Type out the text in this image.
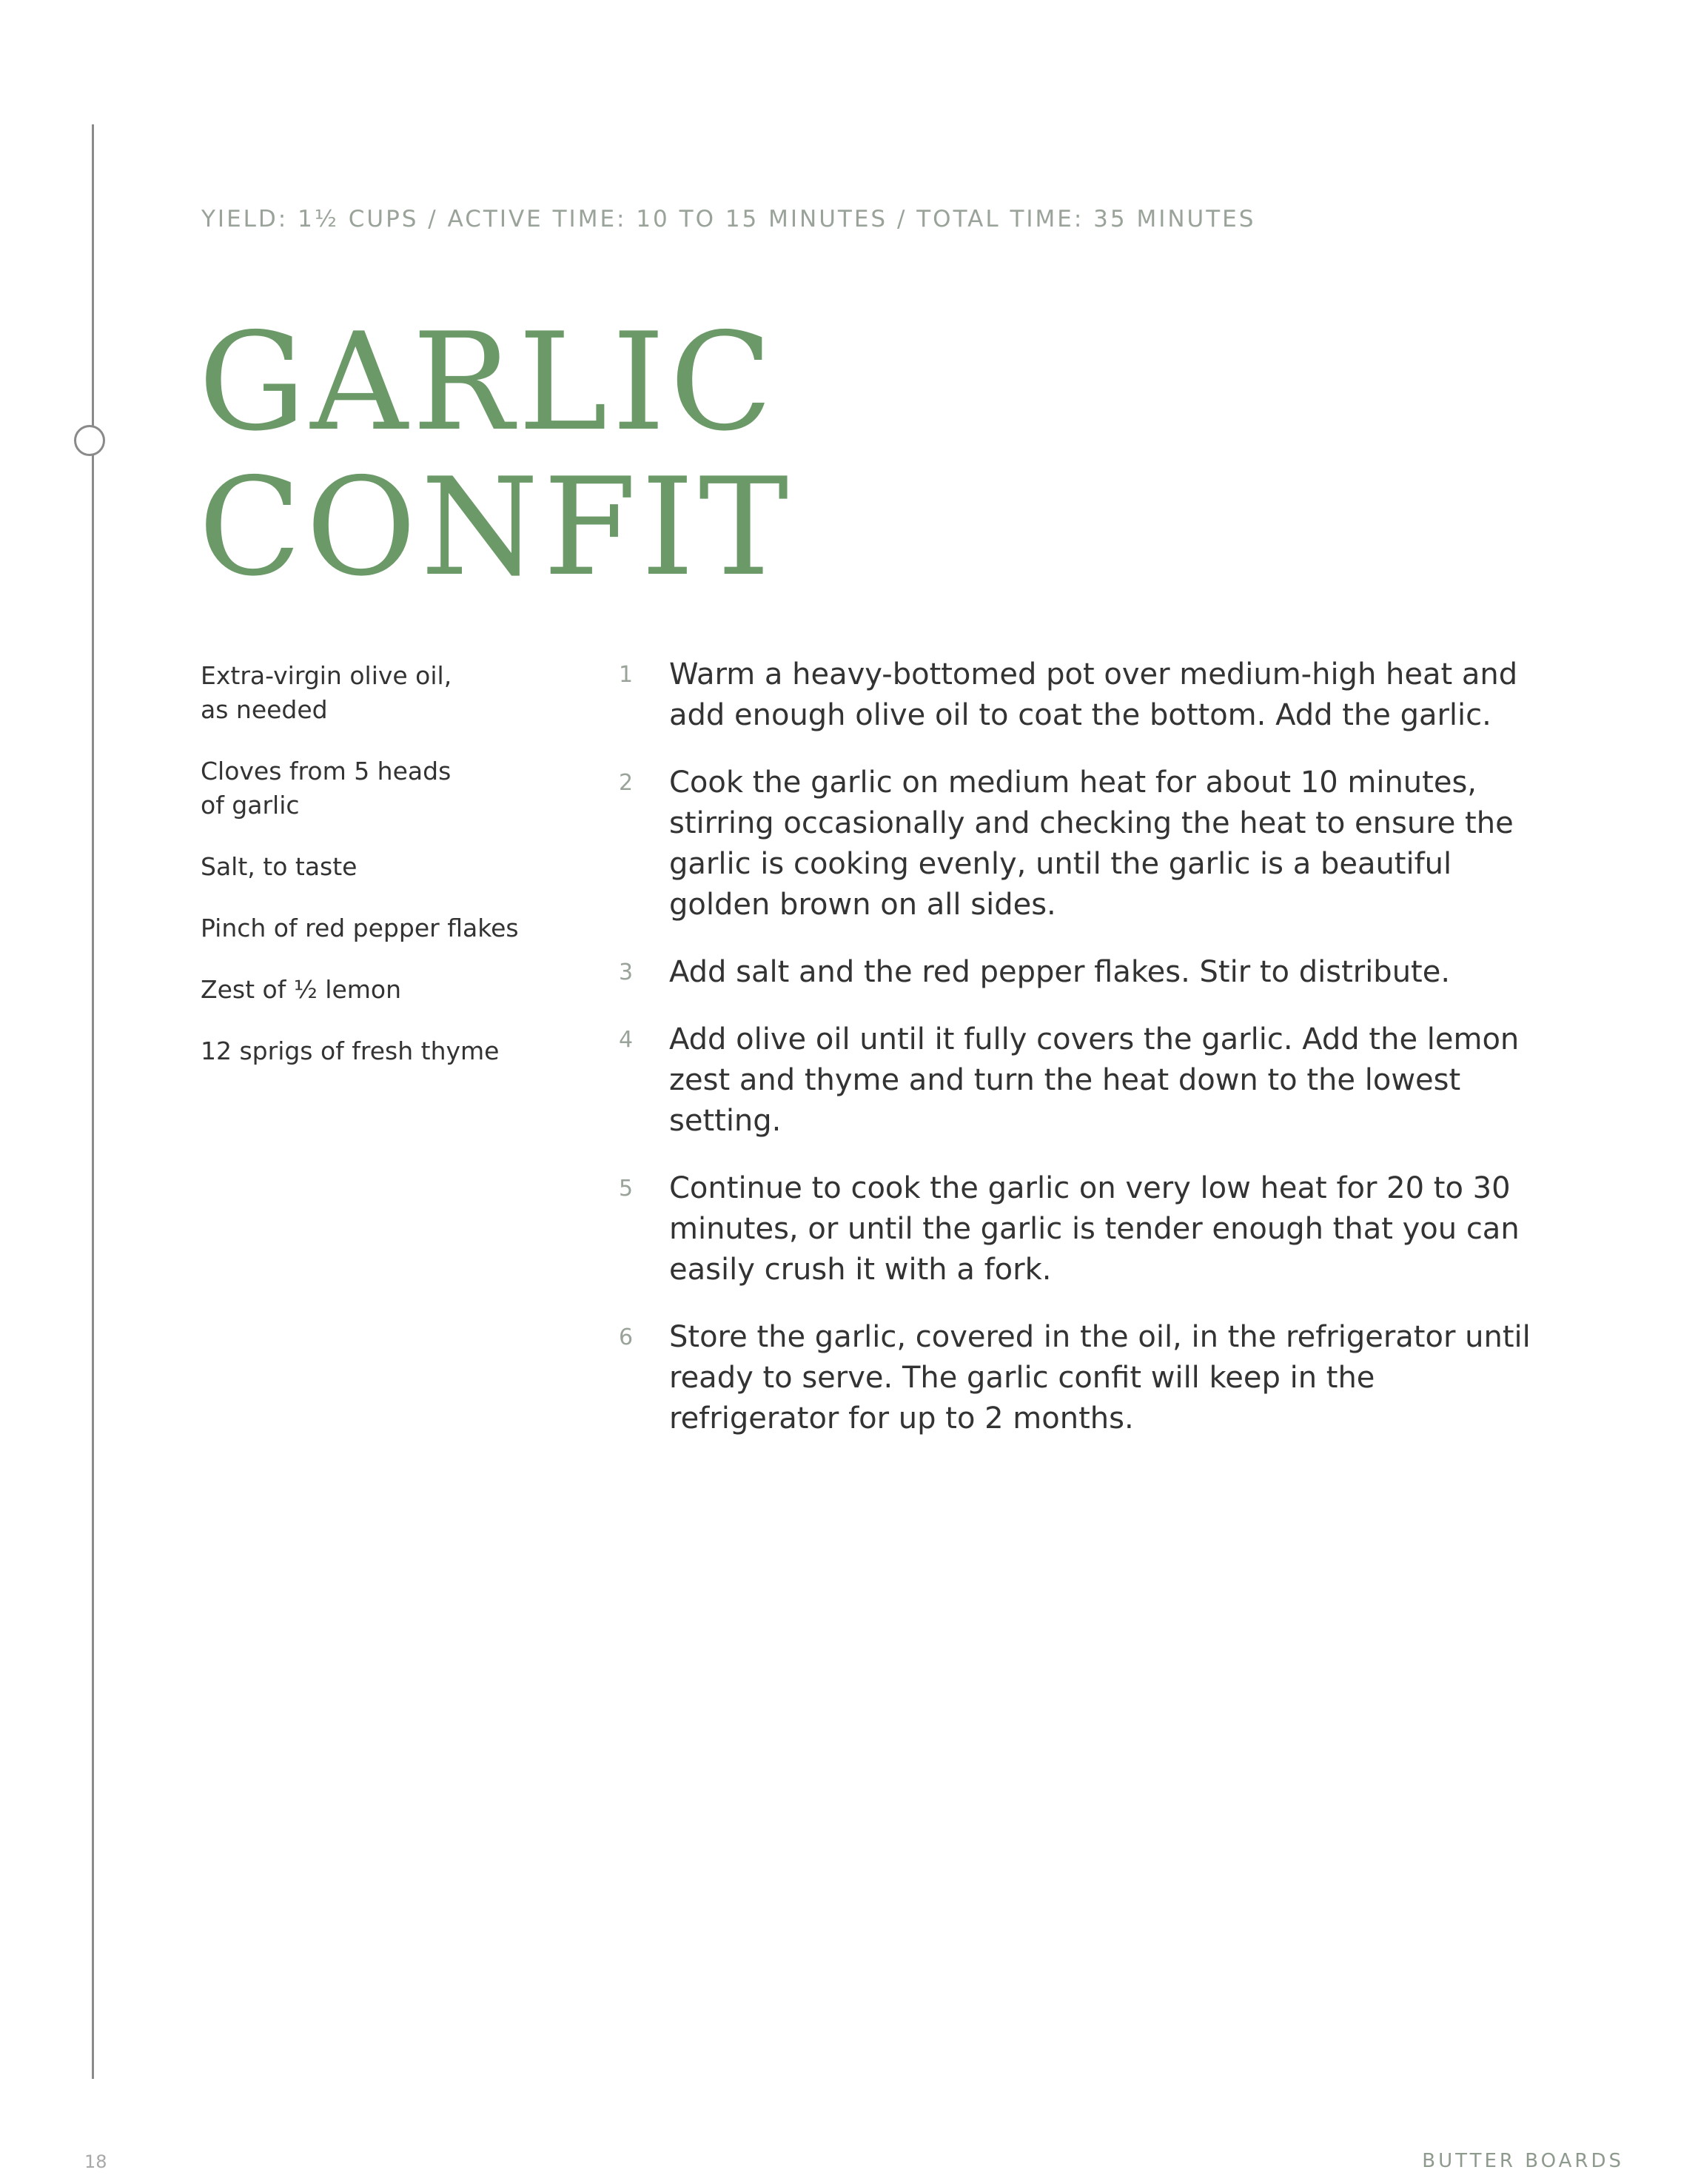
YIELD: 1½ CUPS / ACTIVE TIME: 10 TO 15 MINUTES / TOTAL TIME: 35 MINUTES
GARLIC
CONFIT
Extra-virgin olive oil,
as needed
Cloves from 5 heads
of garlic
Salt, to taste
Pinch of red pepper flakes
Zest of ½ lemon
12 sprigs of fresh thyme
1	Warm a heavy-bottomed pot over medium-high heat and add enough olive oil to coat the bottom. Add the garlic.
2	Cook the garlic on medium heat for about 10 minutes, stirring occasionally and checking the heat to ensure the garlic is cooking evenly, until the garlic is a beautiful golden brown on all sides.
3	Add salt and the red pepper flakes. Stir to distribute.
4	Add olive oil until it fully covers the garlic. Add the lemon zest and thyme and turn the heat down to the lowest setting.
5	Continue to cook the garlic on very low heat for 20 to 30 minutes, or until the garlic is tender enough that you can easily crush it with a fork.
6	Store the garlic, covered in the oil, in the refrigerator until ready to serve. The garlic confit will keep in the refrigerator for up to 2 months.
18	BUTTER BOARDS
